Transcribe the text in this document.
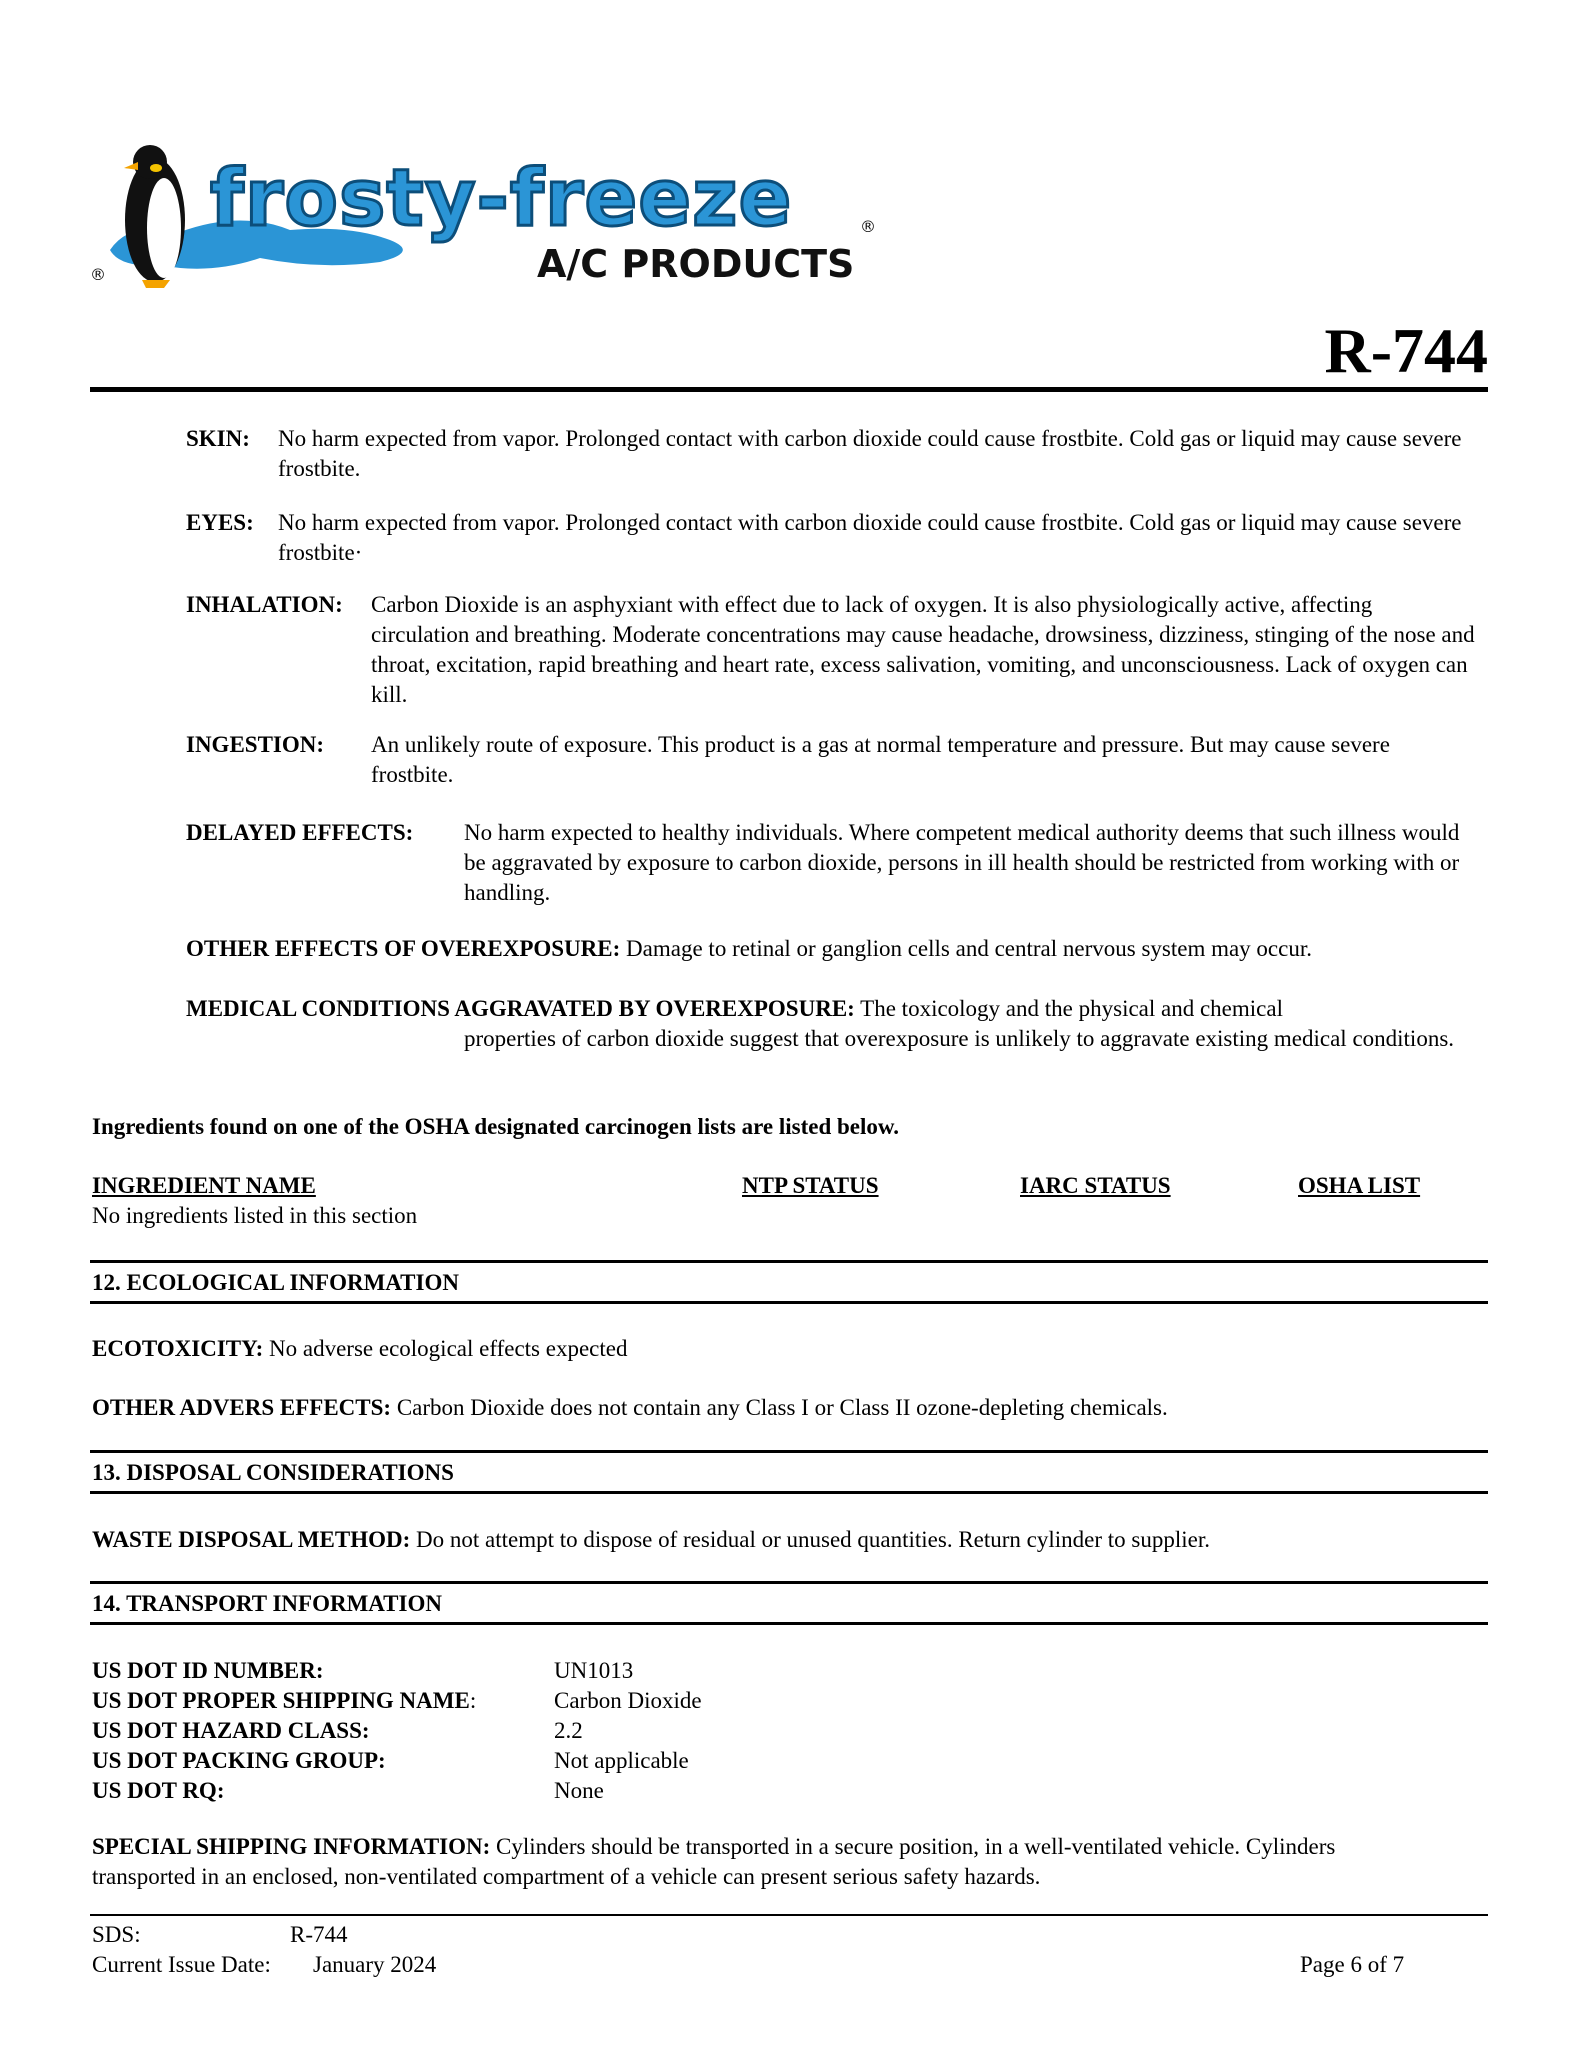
frosty-freeze
A/C PRODUCTS
®
®
R-744
SKIN:	No harm expected from vapor. Prolonged contact with carbon dioxide could cause frostbite. Cold gas or liquid may cause severe frostbite.
EYES:	No harm expected from vapor. Prolonged contact with carbon dioxide could cause frostbite. Cold gas or liquid may cause severe frostbite·
INHALATION:	Carbon Dioxide is an asphyxiant with effect due to lack of oxygen. It is also physiologically active, affecting circulation and breathing. Moderate concentrations may cause headache, drowsiness, dizziness, stinging of the nose and throat, excitation, rapid breathing and heart rate, excess salivation, vomiting, and unconsciousness. Lack of oxygen can kill.
INGESTION:	An unlikely route of exposure. This product is a gas at normal temperature and pressure. But may cause severe frostbite.
DELAYED EFFECTS:	No harm expected to healthy individuals. Where competent medical authority deems that such illness would be aggravated by exposure to carbon dioxide, persons in ill health should be restricted from working with or handling.
OTHER EFFECTS OF OVEREXPOSURE: Damage to retinal or ganglion cells and central nervous system may occur.
MEDICAL CONDITIONS AGGRAVATED BY OVEREXPOSURE: The toxicology and the physical and chemical
properties of carbon dioxide suggest that overexposure is unlikely to aggravate existing medical conditions.
Ingredients found on one of the OSHA designated carcinogen lists are listed below.
INGREDIENT NAME	NTP STATUS	IARC STATUS	OSHA LIST
No ingredients listed in this section
12. ECOLOGICAL INFORMATION
ECOTOXICITY: No adverse ecological effects expected
OTHER ADVERS EFFECTS: Carbon Dioxide does not contain any Class I or Class II ozone-depleting chemicals.
13. DISPOSAL CONSIDERATIONS
WASTE DISPOSAL METHOD: Do not attempt to dispose of residual or unused quantities. Return cylinder to supplier.
14. TRANSPORT INFORMATION
US DOT ID NUMBER:	UN1013
US DOT PROPER SHIPPING NAME:	Carbon Dioxide
US DOT HAZARD CLASS:	2.2
US DOT PACKING GROUP:	Not applicable
US DOT RQ:	None
SPECIAL SHIPPING INFORMATION: Cylinders should be transported in a secure position, in a well-ventilated vehicle. Cylinders transported in an enclosed, non-ventilated compartment of a vehicle can present serious safety hazards.
SDS:	R-744
Current Issue Date: January 2024	Page 6 of 7
